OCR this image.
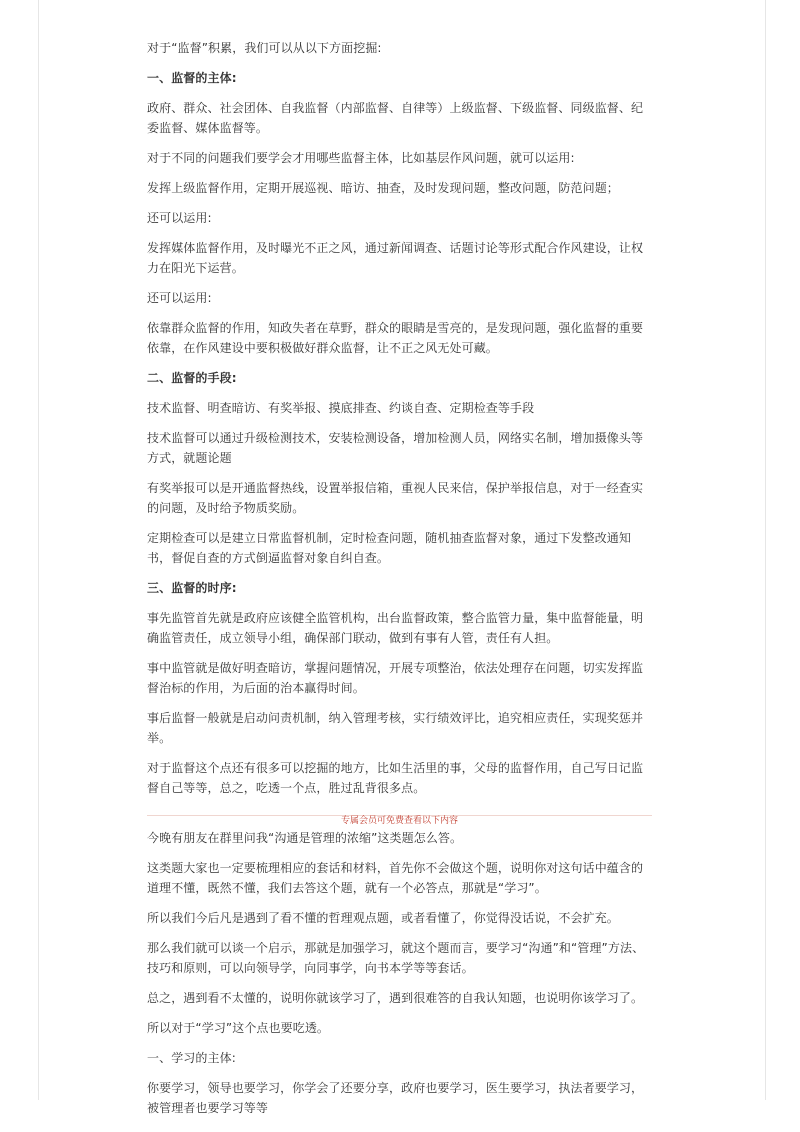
对于“监督”积累，我们可以从以下方面挖掘:

一、监督的主体:

政府、群众、社会团体、自我监督（内部监督、自律等）上级监督、下级监督、同级监督、纪委监督、媒体监督等。

对于不同的问题我们要学会才用哪些监督主体，比如基层作风问题，就可以运用:

发挥上级监督作用，定期开展巡视、暗访、抽查，及时发现问题，整改问题，防范问题；

还可以运用:

发挥媒体监督作用，及时曝光不正之风，通过新闻调查、话题讨论等形式配合作风建设，让权力在阳光下运营。

还可以运用:

依靠群众监督的作用，知政失者在草野，群众的眼睛是雪亮的，是发现问题，强化监督的重要依靠，在作风建设中要积极做好群众监督，让不正之风无处可藏。

二、监督的手段:

技术监督、明查暗访、有奖举报、摸底排查、约谈自查、定期检查等手段

技术监督可以通过升级检测技术，安装检测设备，增加检测人员，网络实名制，增加摄像头等方式，就题论题

有奖举报可以是开通监督热线，设置举报信箱，重视人民来信，保护举报信息，对于一经查实的问题，及时给予物质奖励。

定期检查可以是建立日常监督机制，定时检查问题，随机抽查监督对象，通过下发整改通知书，督促自查的方式倒逼监督对象自纠自查。

三、监督的时序:

事先监管首先就是政府应该健全监管机构，出台监督政策，整合监管力量，集中监督能量，明确监管责任，成立领导小组，确保部门联动，做到有事有人管，责任有人担。

事中监管就是做好明查暗访，掌握问题情况，开展专项整治，依法处理存在问题，切实发挥监督治标的作用，为后面的治本赢得时间。

事后监督一般就是启动问责机制，纳入管理考核，实行绩效评比，追究相应责任，实现奖惩并举。

对于监督这个点还有很多可以挖掘的地方，比如生活里的事，父母的监督作用，自己写日记监督自己等等，总之，吃透一个点，胜过乱背很多点。

专属会员可免费查看以下内容

今晚有朋友在群里问我“沟通是管理的浓缩”这类题怎么答。

这类题大家也一定要梳理相应的套话和材料，首先你不会做这个题，说明你对这句话中蕴含的道理不懂，既然不懂，我们去答这个题，就有一个必答点，那就是“学习”。

所以我们今后凡是遇到了看不懂的哲理观点题，或者看懂了，你觉得没话说，不会扩充。

那么我们就可以谈一个启示，那就是加强学习，就这个题而言，要学习“沟通”和“管理”方法、技巧和原则，可以向领导学，向同事学，向书本学等等套话。

总之，遇到看不太懂的，说明你就该学习了，遇到很难答的自我认知题，也说明你该学习了。

所以对于“学习”这个点也要吃透。

一、学习的主体:

你要学习，领导也要学习，你学会了还要分享，政府也要学习，医生要学习，执法者要学习，被管理者也要学习等等
